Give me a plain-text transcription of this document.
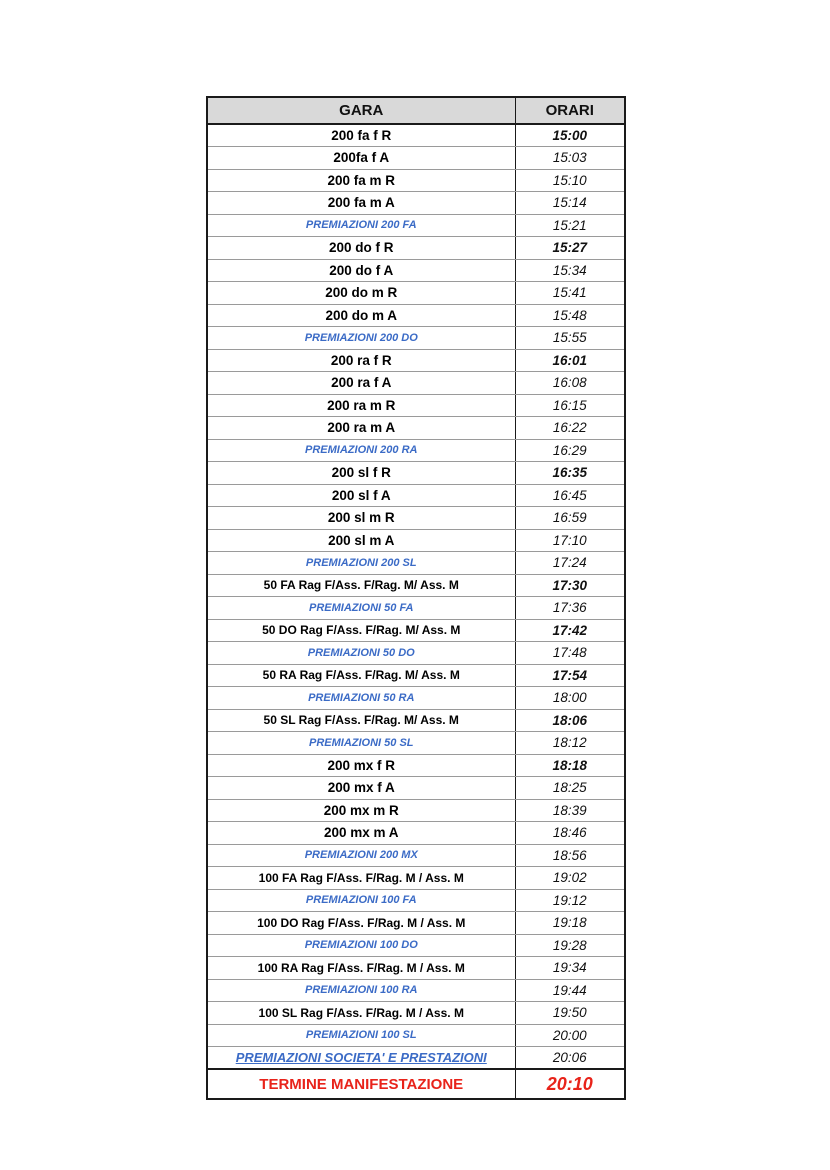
GARA	ORARI
200 fa f R	15:00
200fa f A	15:03
200 fa m R	15:10
200 fa m A	15:14
PREMIAZIONI 200 FA	15:21
200 do f R	15:27
200 do f A	15:34
200 do m R	15:41
200 do m A	15:48
PREMIAZIONI 200 DO	15:55
200 ra f R	16:01
200 ra f A	16:08
200 ra m R	16:15
200 ra m A	16:22
PREMIAZIONI 200 RA	16:29
200 sl f R	16:35
200 sl f A	16:45
200 sl m R	16:59
200 sl m A	17:10
PREMIAZIONI 200 SL	17:24
50 FA Rag F/Ass. F/Rag. M/ Ass. M	17:30
PREMIAZIONI 50 FA	17:36
50 DO Rag F/Ass. F/Rag. M/ Ass. M	17:42
PREMIAZIONI 50 DO	17:48
50 RA Rag F/Ass. F/Rag. M/ Ass. M	17:54
PREMIAZIONI 50 RA	18:00
50 SL Rag F/Ass. F/Rag. M/ Ass. M	18:06
PREMIAZIONI 50 SL	18:12
200 mx f R	18:18
200 mx f A	18:25
200 mx m R	18:39
200 mx m A	18:46
PREMIAZIONI 200 MX	18:56
100 FA Rag F/Ass. F/Rag. M / Ass. M	19:02
PREMIAZIONI 100 FA	19:12
100 DO Rag F/Ass. F/Rag. M / Ass. M	19:18
PREMIAZIONI 100 DO	19:28
100 RA Rag F/Ass. F/Rag. M / Ass. M	19:34
PREMIAZIONI 100 RA	19:44
100 SL Rag F/Ass. F/Rag. M / Ass. M	19:50
PREMIAZIONI 100 SL	20:00
PREMIAZIONI SOCIETA' E PRESTAZIONI	20:06
TERMINE MANIFESTAZIONE	20:10
